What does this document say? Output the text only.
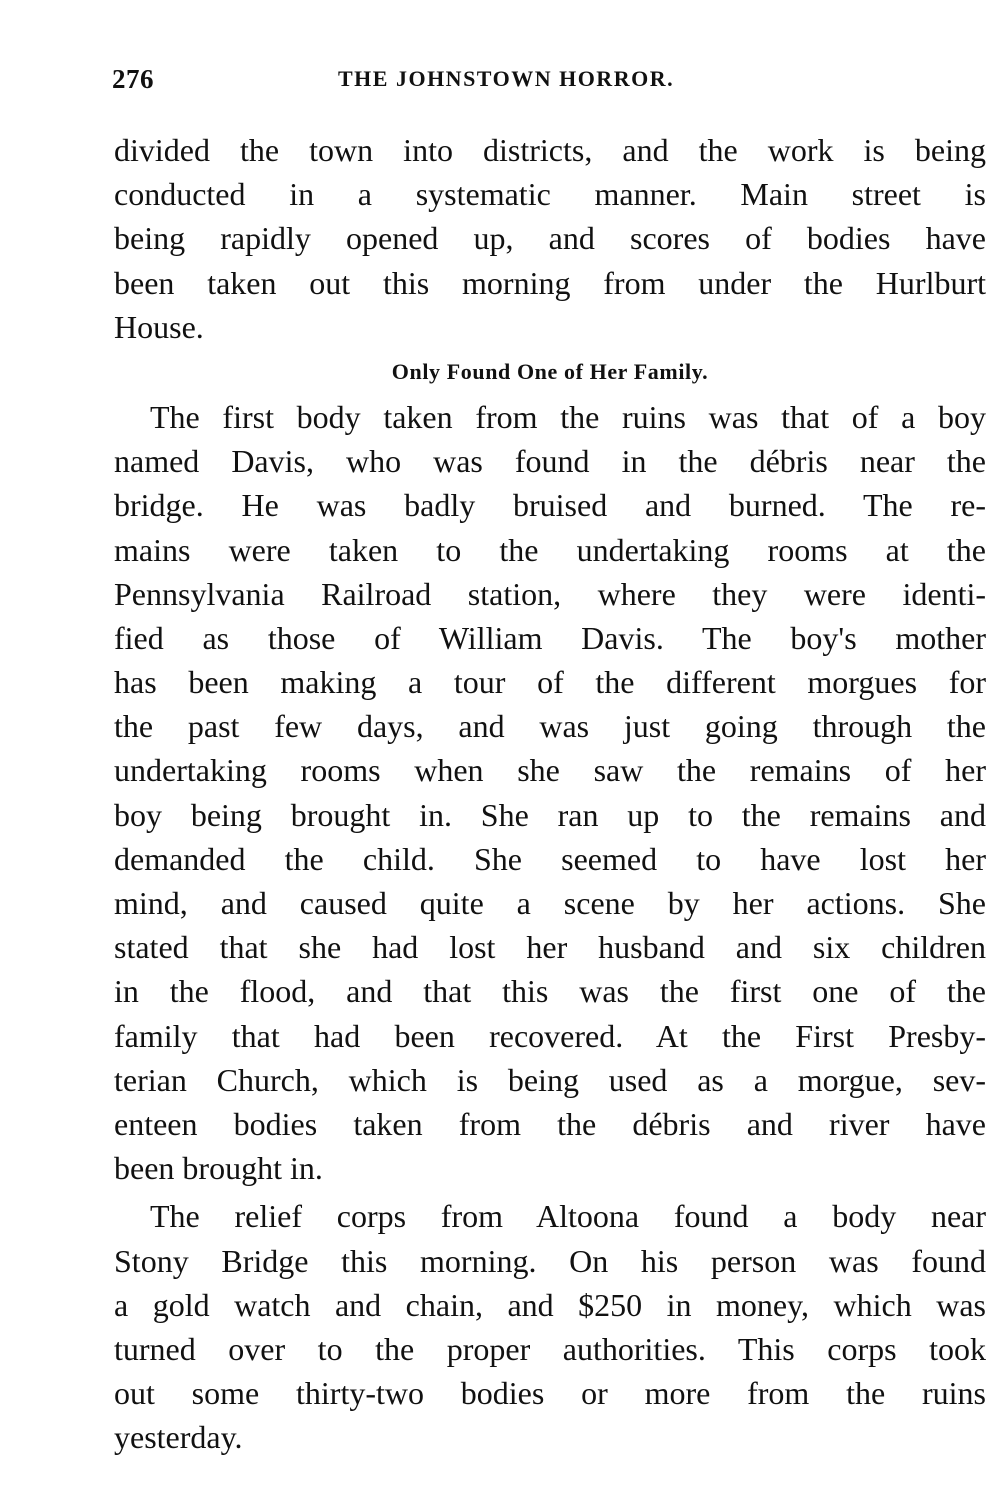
276	THE JOHNSTOWN HORROR.
divided the town into districts, and the work is being
conducted in a systematic manner. Main street is
being rapidly opened up, and scores of bodies have
been taken out this morning from under the Hurlburt
House.
Only Found One of Her Family.
The first body taken from the ruins was that of a boy
named Davis, who was found in the débris near the
bridge. He was badly bruised and burned. The re-
mains were taken to the undertaking rooms at the
Pennsylvania Railroad station, where they were identi-
fied as those of William Davis. The boy's mother
has been making a tour of the different morgues for
the past few days, and was just going through the
undertaking rooms when she saw the remains of her
boy being brought in. She ran up to the remains and
demanded the child. She seemed to have lost her
mind, and caused quite a scene by her actions. She
stated that she had lost her husband and six children
in the flood, and that this was the first one of the
family that had been recovered. At the First Presby-
terian Church, which is being used as a morgue, sev-
enteen bodies taken from the débris and river have
been brought in.
The relief corps from Altoona found a body near
Stony Bridge this morning. On his person was found
a gold watch and chain, and $250 in money, which was
turned over to the proper authorities. This corps took
out some thirty-two bodies or more from the ruins
yesterday.
